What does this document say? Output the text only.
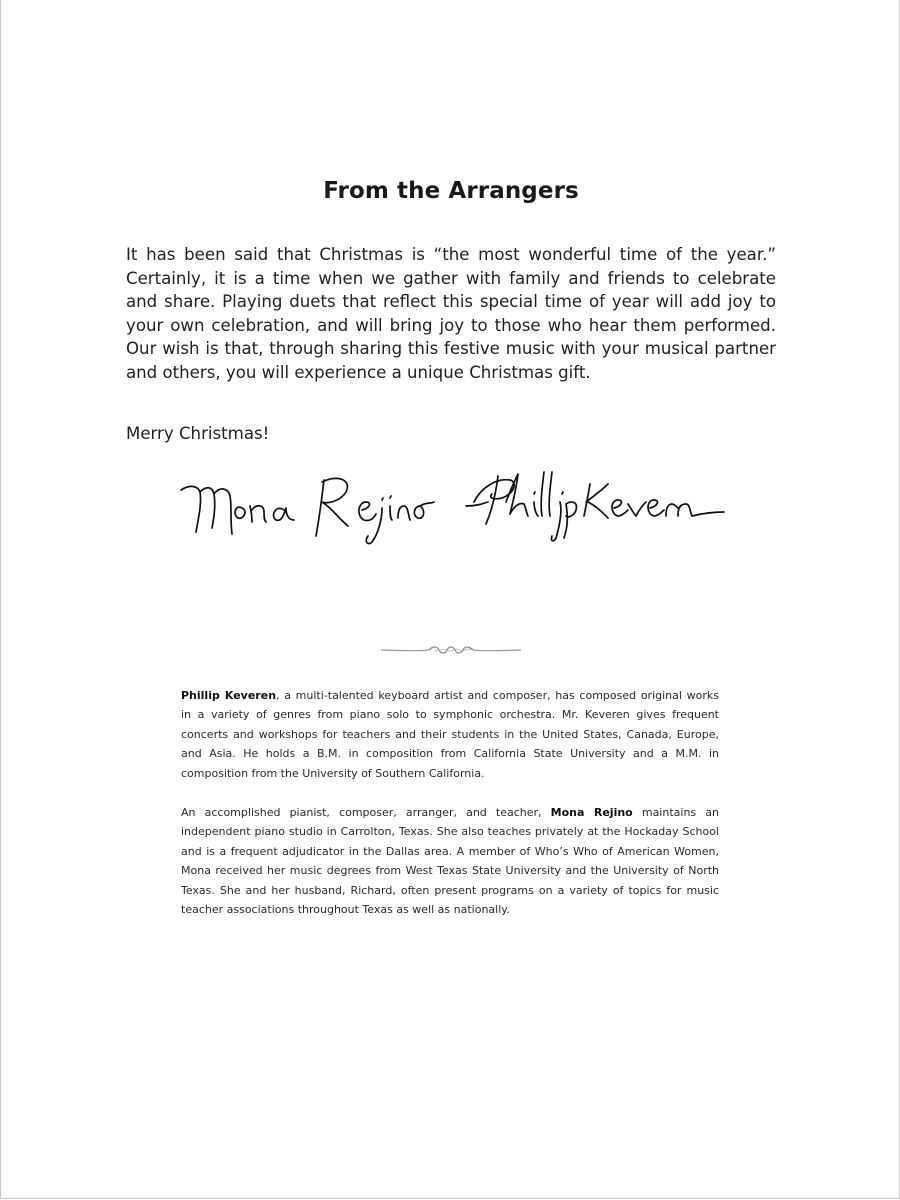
From the Arrangers

It has been said that Christmas is “the most wonderful time of the year.” Certainly, it is a time when we gather with family and friends to celebrate and share. Playing duets that reflect this special time of year will add joy to your own celebration, and will bring joy to those who hear them performed. Our wish is that, through sharing this festive music with your musical partner and others, you will experience a unique Christmas gift.

Merry Christmas!

Phillip Keveren, a multi-talented keyboard artist and composer, has composed original works in a variety of genres from piano solo to symphonic orchestra. Mr. Keveren gives frequent concerts and workshops for teachers and their students in the United States, Canada, Europe, and Asia. He holds a B.M. in composition from California State University and a M.M. in composition from the University of Southern California.

An accomplished pianist, composer, arranger, and teacher, Mona Rejino maintains an independent piano studio in Carrolton, Texas. She also teaches privately at the Hockaday School and is a frequent adjudicator in the Dallas area. A member of Who’s Who of American Women, Mona received her music degrees from West Texas State University and the University of North Texas. She and her husband, Richard, often present programs on a variety of topics for music teacher associations throughout Texas as well as nationally.
